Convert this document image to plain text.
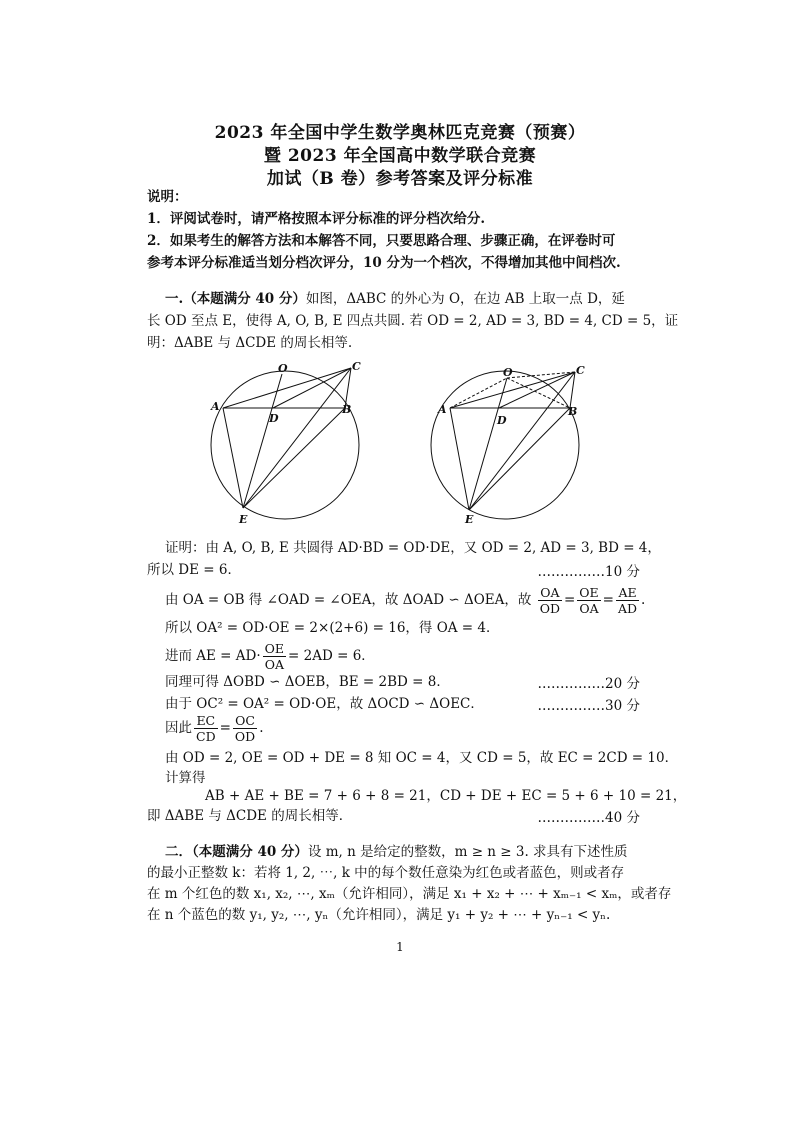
2023 年全国中学生数学奥林匹克竞赛（预赛）
暨 2023 年全国高中数学联合竞赛
加试（B 卷）参考答案及评分标准
说明：
1．评阅试卷时，请严格按照本评分标准的评分档次给分.
2．如果考生的解答方法和本解答不同，只要思路合理、步骤正确，在评卷时可
参考本评分标准适当划分档次评分，10 分为一个档次，不得增加其他中间档次.
一.（本题满分 40 分）如图，ΔABC 的外心为 O，在边 AB 上取一点 D，延
长 OD 至点 E，使得 A, O, B, E 四点共圆. 若 OD = 2, AD = 3, BD = 4, CD = 5，证
明：ΔABE 与 ΔCDE 的周长相等.
O	C
A
D
B
E
O	C
A
D
B
E
证明：由 A, O, B, E 共圆得 AD·BD = OD·DE，又 OD = 2, AD = 3, BD = 4，
所以 DE = 6．	……………10 分
由 OA = OB 得 ∠OAD = ∠OEA，故 ΔOAD ∽ ΔOEA，故 $\frac{OA}{OD} = \frac{OE}{OA} = \frac{AE}{AD}$ .
所以 OA² = OD·OE = 2×(2+6) = 16，得 OA = 4．
进而 AE = $AD\cdot \frac{OE}{OA} = 2AD = 6$．
同理可得 ΔOBD ∽ ΔOEB，BE = 2BD = 8．	……………20 分
由于 OC² = OA² = OD·OE，故 ΔOCD ∽ ΔOEC．	……………30 分
因此 $\frac{EC}{CD} = \frac{OC}{OD}$ .
由 OD = 2, OE = OD + DE = 8 知 OC = 4，又 CD = 5，故 EC = 2CD = 10．
计算得
AB + AE + BE = 7 + 6 + 8 = 21，CD + DE + EC = 5 + 6 + 10 = 21，
即 ΔABE 与 ΔCDE 的周长相等．	……………40 分
二．（本题满分 40 分）设 m, n 是给定的整数，m ≥ n ≥ 3. 求具有下述性质
的最小正整数 k：若将 1, 2, ⋯, k 中的每个数任意染为红色或者蓝色，则或者存
在 m 个红色的数 x₁, x₂, ⋯, xₘ（允许相同），满足 x₁ + x₂ + ⋯ + xₘ₋₁ < xₘ，或者存
在 n 个蓝色的数 y₁, y₂, ⋯, yₙ（允许相同），满足 y₁ + y₂ + ⋯ + yₙ₋₁ < yₙ.
1
